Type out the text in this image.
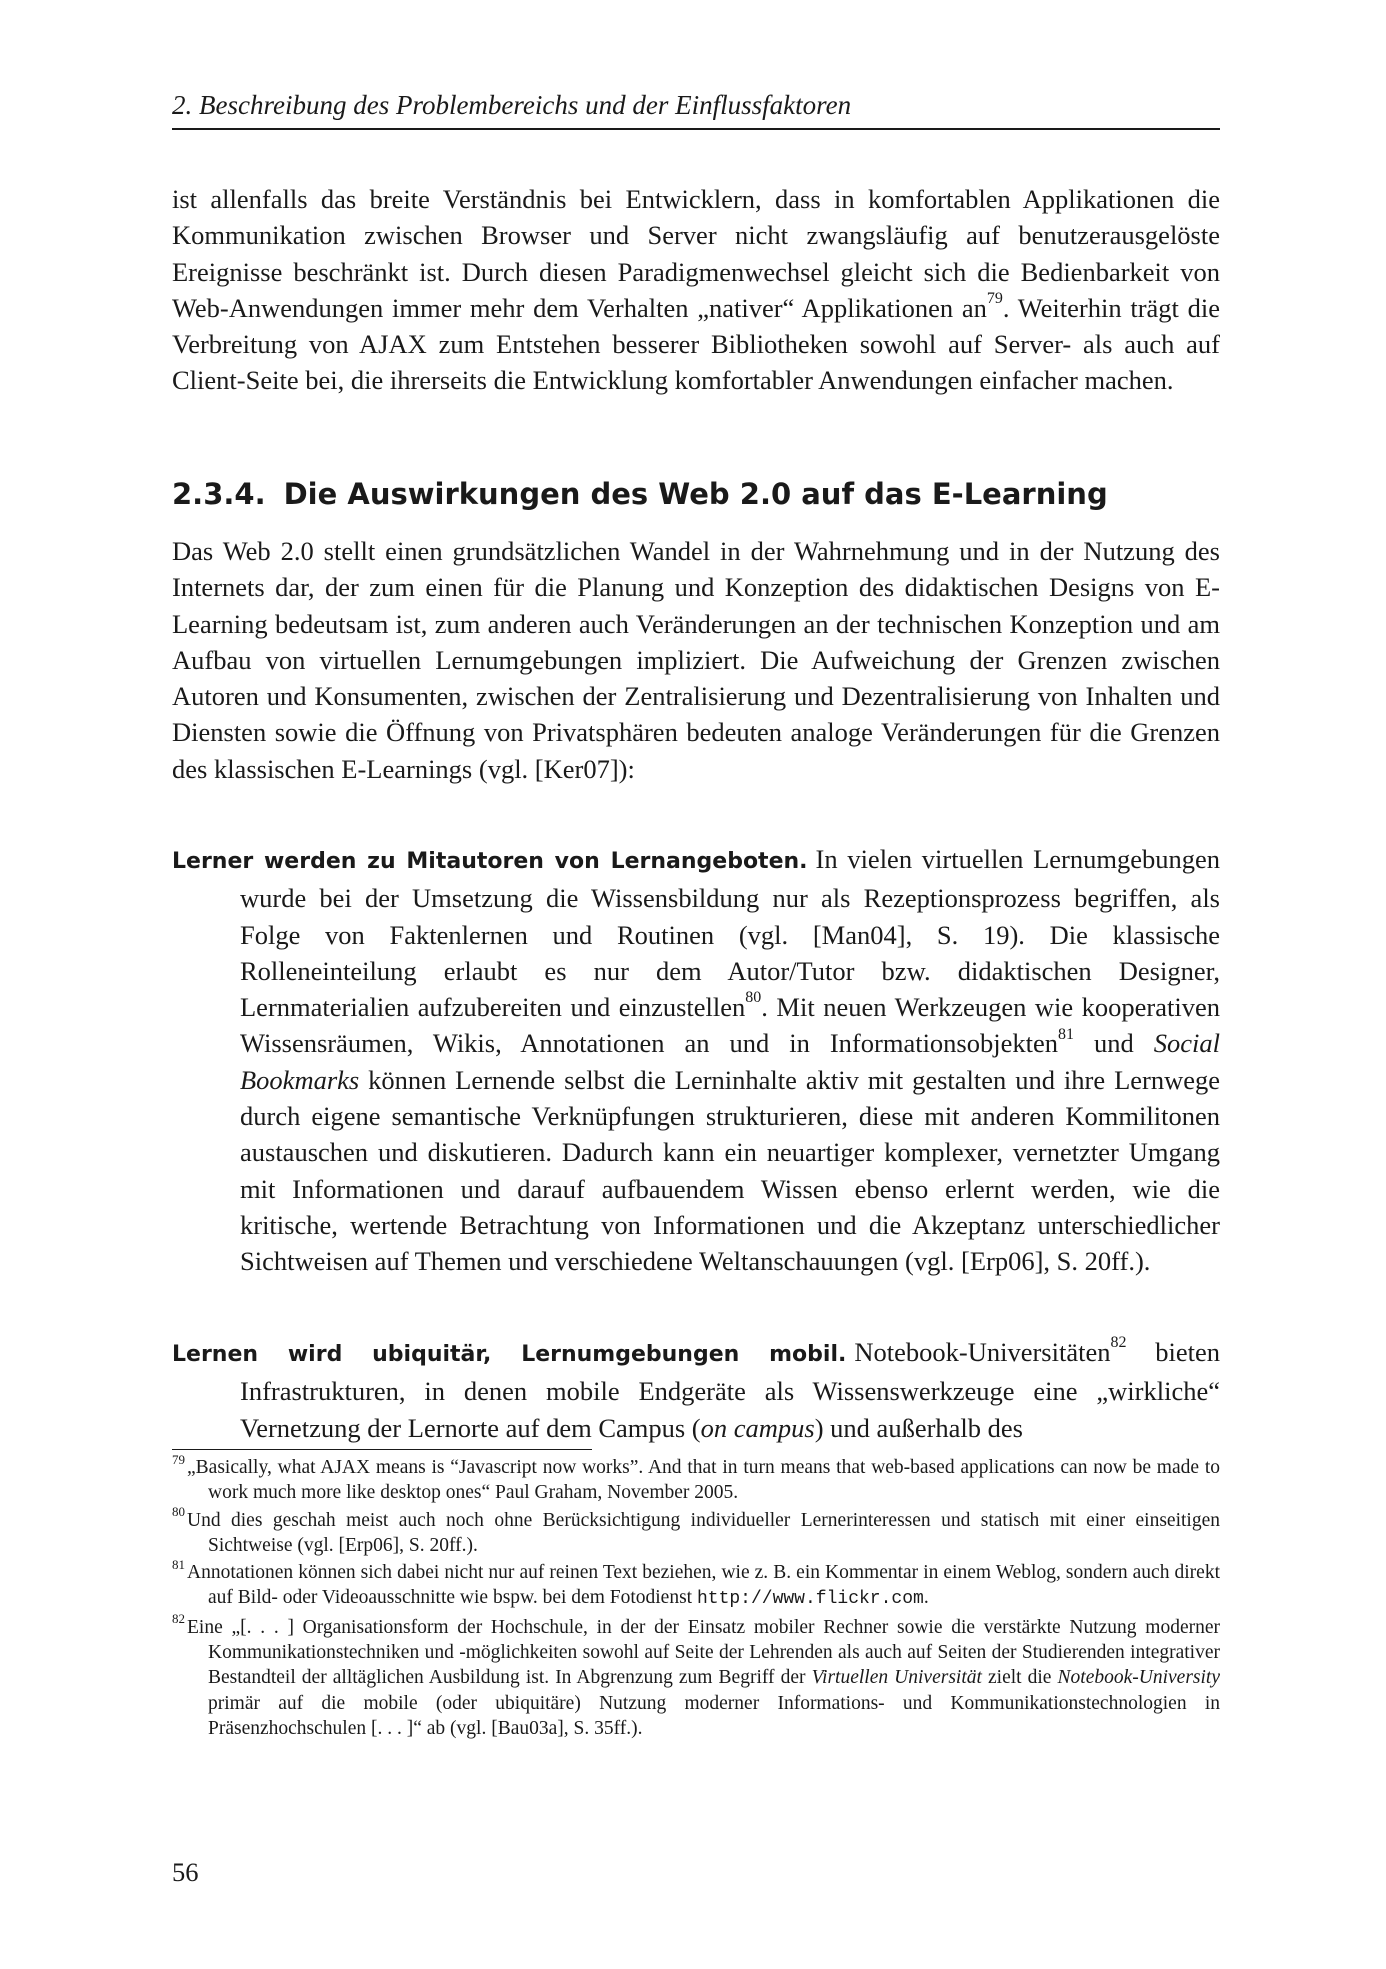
2. Beschreibung des Problembereichs und der Einflussfaktoren

ist allenfalls das breite Verständnis bei Entwicklern, dass in komfortablen Applikationen die Kommunikation zwischen Browser und Server nicht zwangsläufig auf benutzerausgelöste Ereignisse beschränkt ist. Durch diesen Paradigmenwechsel gleicht sich die Bedienbarkeit von Web-Anwendungen immer mehr dem Verhalten „nativer“ Applikationen $an^{79}$. Weiterhin trägt die Verbreitung von AJAX zum Entstehen besserer Bibliotheken sowohl auf Server- als auch auf Client-Seite bei, die ihrerseits die Entwicklung komfortabler Anwendungen einfacher machen.

2.3.4. Die Auswirkungen des Web 2.0 auf das E-Learning

Das Web 2.0 stellt einen grundsätzlichen Wandel in der Wahrnehmung und in der Nutzung des Internets dar, der zum einen für die Planung und Konzeption des didaktischen Designs von E-Learning bedeutsam ist, zum anderen auch Veränderungen an der technischen Konzeption und am Aufbau von virtuellen Lernumgebungen impliziert. Die Aufweichung der Grenzen zwischen Autoren und Konsumenten, zwischen der Zentralisierung und Dezentralisierung von Inhalten und Diensten sowie die Öffnung von Privatsphären bedeuten analoge Veränderungen für die Grenzen des klassischen E-Learnings (vgl. [Ker07]):

Lerner werden zu Mitautoren von Lernangeboten. In vielen virtuellen Lernumgebungen wurde bei der Umsetzung die Wissensbildung nur als Rezeptionsprozess begriffen, als Folge von Faktenlernen und Routinen (vgl. [Man04], S. 19). Die klassische Rolleneinteilung erlaubt es nur dem Autor/Tutor bzw. didaktischen Designer, Lernmaterialien aufzubereiten und einzustellen$^{80}$. Mit neuen Werkzeugen wie kooperativen Wissensräumen, Wikis, Annotationen an und in Informationsobjekten$^{81}$ und Social Bookmarks können Lernende selbst die Lerninhalte aktiv mit gestalten und ihre Lernwege durch eigene semantische Verknüpfungen strukturieren, diese mit anderen Kommilitonen austauschen und diskutieren. Dadurch kann ein neuartiger komplexer, vernetzter Umgang mit Informationen und darauf aufbauendem Wissen ebenso erlernt werden, wie die kritische, wertende Betrachtung von Informationen und die Akzeptanz unterschiedlicher Sichtweisen auf Themen und verschiedene Weltanschauungen (vgl. [Erp06], S. 20ff.).

Lernen wird ubiquitär, Lernumgebungen mobil. Notebook-Universitäten$^{82}$ bieten Infrastrukturen, in denen mobile Endgeräte als Wissenswerkzeuge eine „wirkliche“ Vernetzung der Lernorte auf dem Campus (on campus) und außerhalb des

$^{79}$ „Basically, what AJAX means is “Javascript now works”. And that in turn means that web-based applications can now be made to work much more like desktop ones“ Paul Graham, November 2005.
$^{80}$ Und dies geschah meist auch noch ohne Berücksichtigung individueller Lernerinteressen und statisch mit einer einseitigen Sichtweise (vgl. [Erp06], S. 20ff.).
$^{81}$ Annotationen können sich dabei nicht nur auf reinen Text beziehen, wie z. B. ein Kommentar in einem Weblog, sondern auch direkt auf Bild- oder Videoausschnitte wie bspw. bei dem Fotodienst http://www.flickr.com.
$^{82}$ Eine „[. . . ] Organisationsform der Hochschule, in der der Einsatz mobiler Rechner sowie die verstärkte Nutzung moderner Kommunikationstechniken und -möglichkeiten sowohl auf Seite der Lehrenden als auch auf Seiten der Studierenden integrativer Bestandteil der alltäglichen Ausbildung ist. In Abgrenzung zum Begriff der Virtuellen Universität zielt die Notebook-University primär auf die mobile (oder ubiquitäre) Nutzung moderner Informations- und Kommunikationstechnologien in Präsenzhochschulen [. . . ]“ ab (vgl. [Bau03a], S. 35ff.).
56
